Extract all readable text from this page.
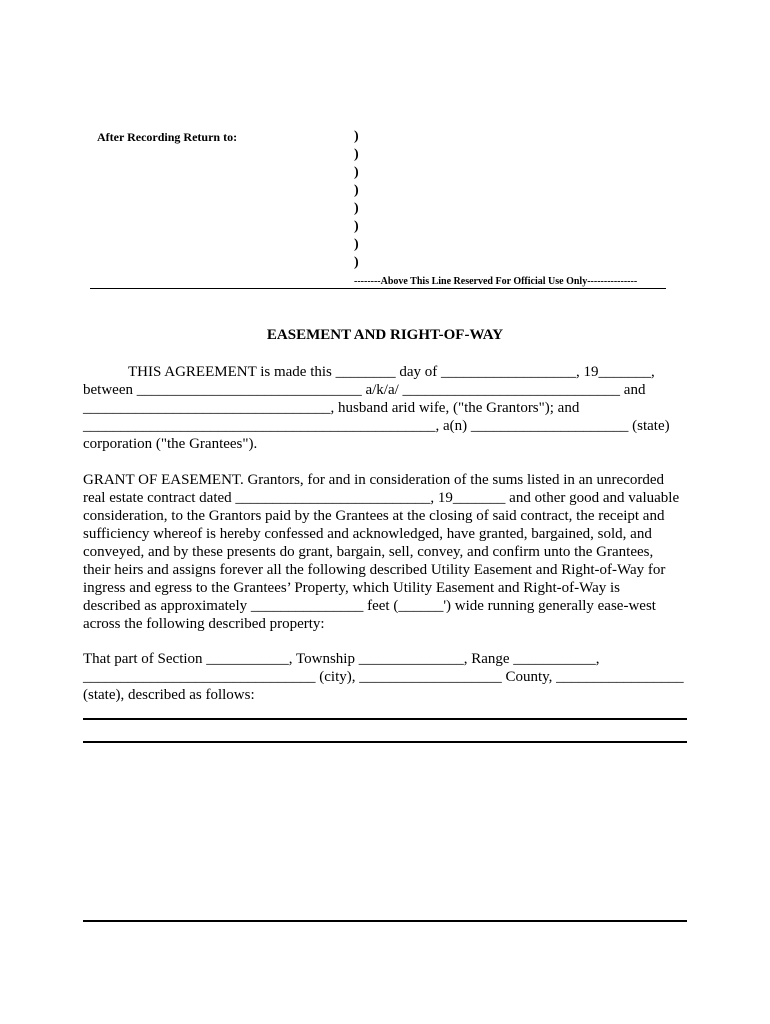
After Recording Return to:	)
)
)
)
)
)
)
)
--------Above This Line Reserved For Official Use Only---------------
EASEMENT AND RIGHT-OF-WAY
THIS AGREEMENT is made this ________ day of __________________, 19_______,
between ______________________________ a/k/a/ _____________________________ and
_________________________________, husband arid wife, ("the Grantors"); and
_______________________________________________, a(n) _____________________ (state)
corporation ("the Grantees").
GRANT OF EASEMENT. Grantors, for and in consideration of the sums listed in an unrecorded
real estate contract dated __________________________, 19_______ and other good and valuable
consideration, to the Grantors paid by the Grantees at the closing of said contract, the receipt and
sufficiency whereof is hereby confessed and acknowledged, have granted, bargained, sold, and
conveyed, and by these presents do grant, bargain, sell, convey, and confirm unto the Grantees,
their heirs and assigns forever all the following described Utility Easement and Right-of-Way for
ingress and egress to the Grantees’ Property, which Utility Easement and Right-of-Way is
described as approximately _______________ feet (______') wide running generally ease-west
across the following described property:
That part of Section ___________, Township ______________, Range ___________,
_______________________________ (city), ___________________ County, _________________
(state), described as follows:
